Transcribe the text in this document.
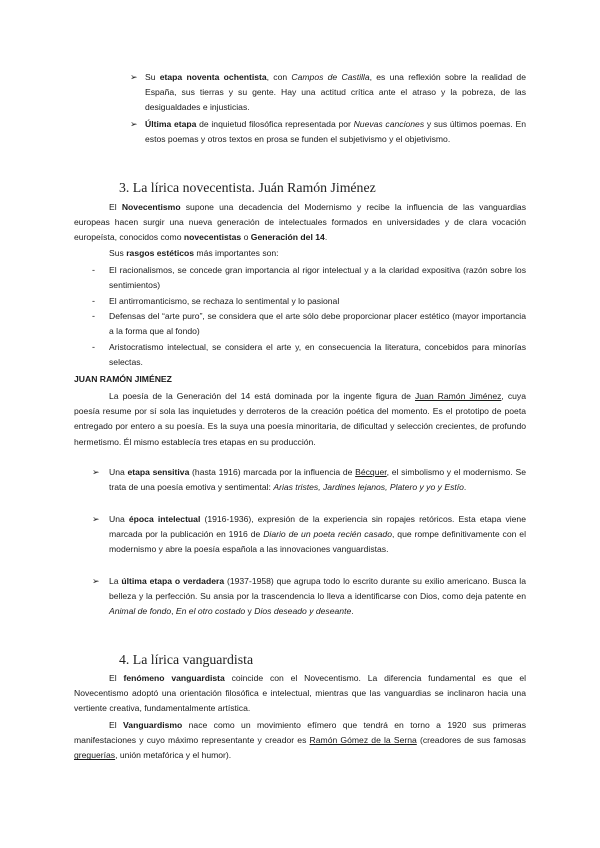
➢ Su etapa noventa ochentista, con Campos de Castilla, es una reflexión sobre la realidad de España, sus tierras y su gente. Hay una actitud crítica ante el atraso y la pobreza, de las desigualdades e injusticias.

➢ Última etapa de inquietud filosófica representada por Nuevas canciones y sus últimos poemas. En estos poemas y otros textos en prosa se funden el subjetivismo y el objetivismo.

3. La lírica novecentista. Juán Ramón Jiménez

El Novecentismo supone una decadencia del Modernismo y recibe la influencia de las vanguardias europeas hacen surgir una nueva generación de intelectuales formados en universidades y de clara vocación europeísta, conocidos como novecentistas o Generación del 14.

Sus rasgos estéticos más importantes son:

-	El racionalismos, se concede gran importancia al rigor intelectual y a la claridad expositiva (razón sobre los sentimientos)

-	El antirromanticismo, se rechaza lo sentimental y lo pasional

-	Defensas del “arte puro”, se considera que el arte sólo debe proporcionar placer estético (mayor importancia a la forma que al fondo)

-	Aristocratismo intelectual, se considera el arte y, en consecuencia la literatura, concebidos para minorías selectas.

JUAN RAMÓN JIMÉNEZ

La poesía de la Generación del 14 está dominada por la ingente figura de Juan Ramón Jiménez, cuya poesía resume por sí sola las inquietudes y derroteros de la creación poética del momento. Es el prototipo de poeta entregado por entero a su poesía. Es la suya una poesía minoritaria, de dificultad y selección crecientes, de profundo hermetismo. Él mismo establecía tres etapas en su producción.

➢	Una etapa sensitiva (hasta 1916) marcada por la influencia de Bécquer, el simbolismo y el modernismo. Se trata de una poesía emotiva y sentimental: Arias tristes, Jardines lejanos, Platero y yo y Estío.

➢	Una época intelectual (1916-1936), expresión de la experiencia sin ropajes retóricos. Esta etapa viene marcada por la publicación en 1916 de Diario de un poeta recién casado, que rompe definitivamente con el modernismo y abre la poesía española a las innovaciones vanguardistas.

➢	La última etapa o verdadera (1937-1958) que agrupa todo lo escrito durante su exilio americano. Busca la belleza y la perfección. Su ansia por la trascendencia lo lleva a identificarse con Dios, como deja patente en Animal de fondo, En el otro costado y Dios deseado y deseante.

4. La lírica vanguardista

El fenómeno vanguardista coincide con el Novecentismo. La diferencia fundamental es que el Novecentismo adoptó una orientación filosófica e intelectual, mientras que las vanguardias se inclinaron hacia una vertiente creativa, fundamentalmente artística.

El Vanguardismo nace como un movimiento efímero que tendrá en torno a 1920 sus primeras manifestaciones y cuyo máximo representante y creador es Ramón Gómez de la Serna (creadores de sus famosas greguerías, unión metafórica y el humor).
